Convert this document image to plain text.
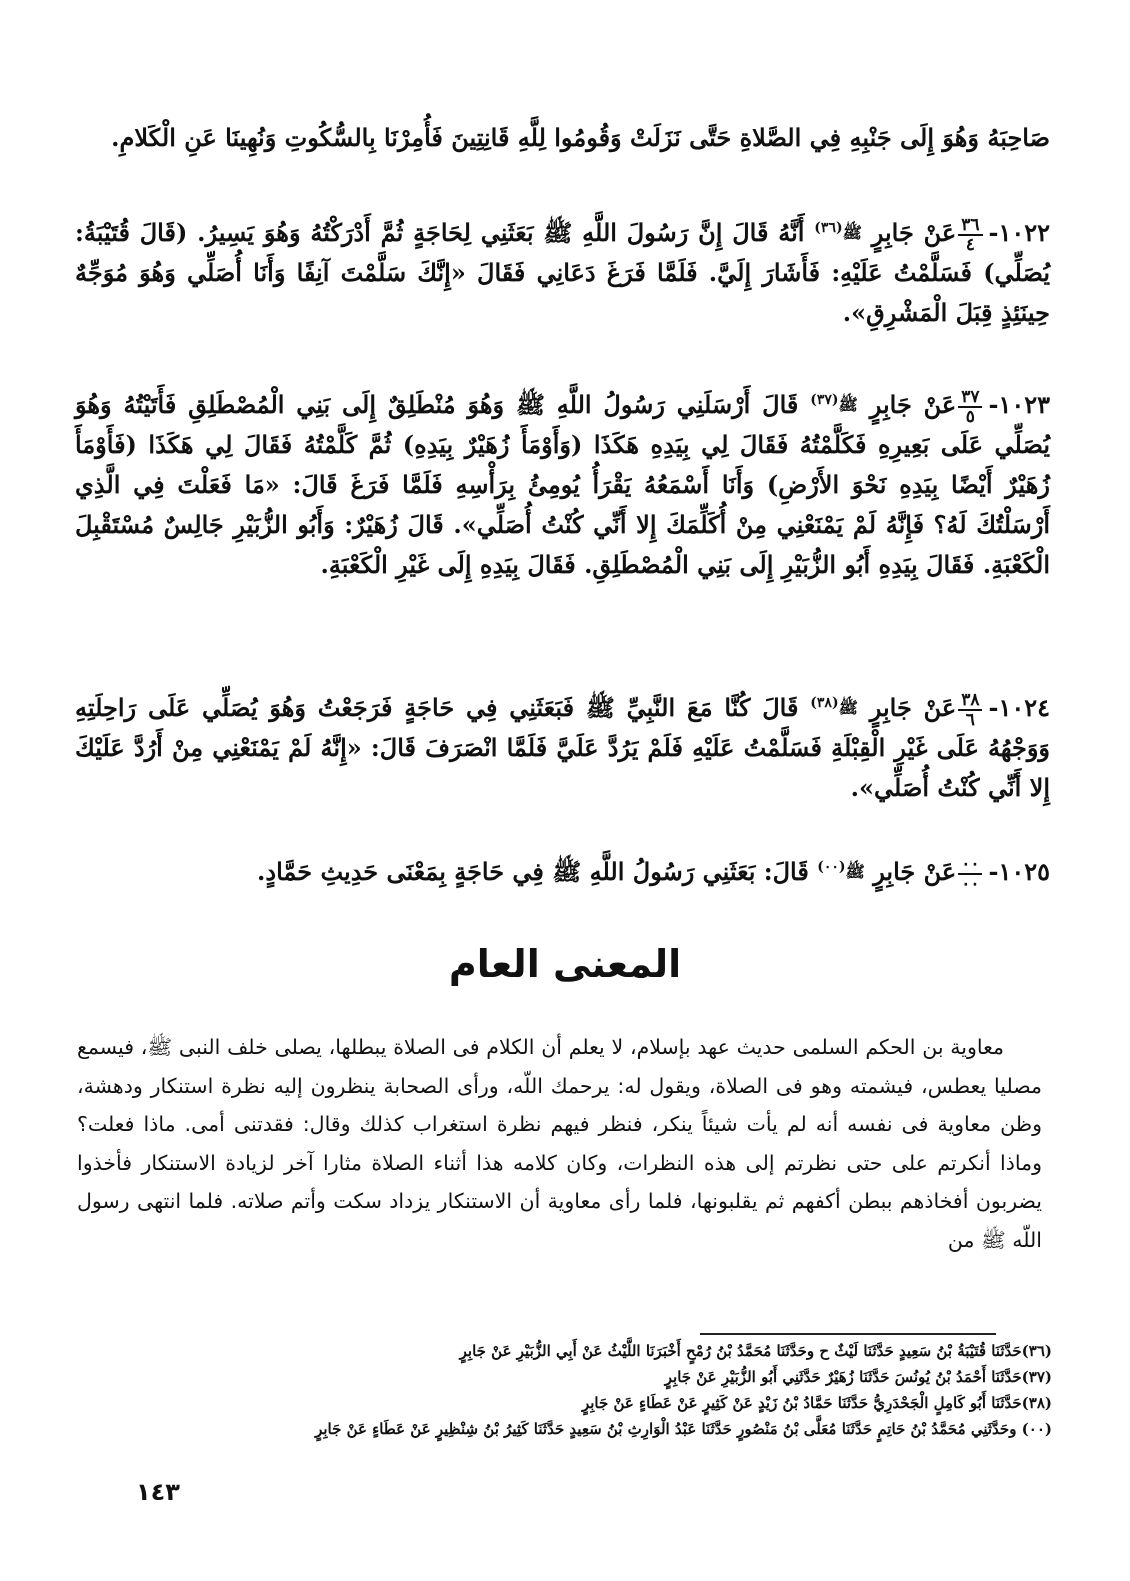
صَاحِبَهُ وَهُوَ إِلَى جَنْبِهِ فِي الصَّلاةِ حَتَّى نَزَلَتْ وَقُومُوا لِلَّهِ قَانِتِينَ فَأُمِرْنَا بِالسُّكُوتِ وَنُهِينَا عَنِ الْكَلامِ.
١٠٢٢-
$\frac{٣٦}{٤}$
عَنْ جَابِرٍ $^{ﷺ(٣٦)}$ أَنَّهُ قَالَ إِنَّ رَسُولَ اللَّهِ ﷺ بَعَثَنِي لِحَاجَةٍ ثُمَّ أَدْرَكْتُهُ وَهُوَ يَسِيرُ. (قَالَ قُتَيْبَةُ: يُصَلِّي) فَسَلَّمْتُ عَلَيْهِ: فَأَشَارَ إِلَيَّ. فَلَمَّا فَرَغَ دَعَانِي فَقَالَ «إِنَّكَ سَلَّمْتَ آنِفًا وَأَنَا أُصَلِّي وَهُوَ مُوَجِّهٌ حِينَئِذٍ قِبَلَ الْمَشْرِقِ».
١٠٢٣-
$\frac{٣٧}{٥}$
عَنْ جَابِرٍ $^{ﷺ(٣٧)}$ قَالَ أَرْسَلَنِي رَسُولُ اللَّهِ ﷺ وَهُوَ مُنْطَلِقٌ إِلَى بَنِي الْمُصْطَلِقِ فَأَتَيْتُهُ وَهُوَ يُصَلِّي عَلَى بَعِيرِهِ فَكَلَّمْتُهُ فَقَالَ لِي بِيَدِهِ هَكَذَا (وَأَوْمَأَ زُهَيْرٌ بِيَدِهِ) ثُمَّ كَلَّمْتُهُ فَقَالَ لِي هَكَذَا (فَأَوْمَأَ زُهَيْرٌ أَيْضًا بِيَدِهِ نَحْوَ الأَرْضِ) وَأَنَا أَسْمَعُهُ يَقْرَأُ يُومِئُ بِرَأْسِهِ فَلَمَّا فَرَغَ قَالَ: «مَا فَعَلْتَ فِي الَّذِي أَرْسَلْتُكَ لَهُ؟ فَإِنَّهُ لَمْ يَمْنَعْنِي مِنْ أُكَلِّمَكَ إِلا أَنِّي كُنْتُ أُصَلِّي». قَالَ زُهَيْرٌ: وَأَبُو الزُّبَيْرِ جَالِسٌ مُسْتَقْبِلَ الْكَعْبَةِ. فَقَالَ بِيَدِهِ أَبُو الزُّبَيْرِ إِلَى بَنِي الْمُصْطَلِقِ. فَقَالَ بِيَدِهِ إِلَى غَيْرِ الْكَعْبَةِ.
١٠٢٤-
$\frac{٣٨}{٦}$
عَنْ جَابِرٍ $^{ﷺ(٣٨)}$ قَالَ كُنَّا مَعَ النَّبِيِّ ﷺ فَبَعَثَنِي فِي حَاجَةٍ فَرَجَعْتُ وَهُوَ يُصَلِّي عَلَى رَاحِلَتِهِ وَوَجْهُهُ عَلَى غَيْرِ الْقِبْلَةِ فَسَلَّمْتُ عَلَيْهِ فَلَمْ يَرُدَّ عَلَيَّ فَلَمَّا انْصَرَفَ قَالَ: «إِنَّهُ لَمْ يَمْنَعْنِي مِنْ أَرُدَّ عَلَيْكَ إِلا أَنِّي كُنْتُ أُصَلِّي».
١٠٢٥-
$\frac{٠٠}{٠٠}$
عَنْ جَابِرٍ $^{ﷺ(٠٠)}$ قَالَ: بَعَثَنِي رَسُولُ اللَّهِ ﷺ فِي حَاجَةٍ بِمَعْنَى حَدِيثِ حَمَّادٍ.
المعنى العام

معاوية بن الحكم السلمى حديث عهد بإسلام، لا يعلم أن الكلام فى الصلاة يبطلها، يصلى خلف النبى ﷺ، فيسمع مصليا يعطس، فيشمته وهو فى الصلاة، ويقول له: يرحمك اللّه، ورأى الصحابة ينظرون إليه نظرة استنكار ودهشة، وظن معاوية فى نفسه أنه لم يأت شيئاً ينكر، فنظر فيهم نظرة استغراب كذلك وقال: فقدتنى أمى. ماذا فعلت؟ وماذا أنكرتم على حتى نظرتم إلى هذه النظرات، وكان كلامه هذا أثناء الصلاة مثارا آخر لزيادة الاستنكار فأخذوا يضربون أفخاذهم ببطن أكفهم ثم يقلبونها، فلما رأى معاوية أن الاستنكار يزداد سكت وأتم صلاته. فلما انتهى رسول اللّه ﷺ من

(٣٦)حَدَّثَنَا قُتَيْبَةُ بْنُ سَعِيدٍ حَدَّثَنَا لَيْثٌ ح وحَدَّثَنَا مُحَمَّدُ بْنُ رُمْحٍ أَخْبَرَنَا اللَّيْثُ عَنْ أَبِي الزُّبَيْرِ عَنْ جَابِرٍ
(٣٧)حَدَّثَنَا أَحْمَدُ بْنُ يُونُسَ حَدَّثَنَا زُهَيْرٌ حَدَّثَنِي أَبُو الزُّبَيْرِ عَنْ جَابِرٍ
(٣٨)حَدَّثَنَا أَبُو كَامِلٍ الْجَحْدَرِيُّ حَدَّثَنَا حَمَّادُ بْنُ زَيْدٍ عَنْ كَثِيرٍ عَنْ عَطَاءٍ عَنْ جَابِرٍ
(٠٠) وحَدَّثَنِي مُحَمَّدُ بْنُ حَاتِمٍ حَدَّثَنَا مُعَلَّى بْنُ مَنْصُورٍ حَدَّثَنَا عَبْدُ الْوَارِثِ بْنُ سَعِيدٍ حَدَّثَنَا كَثِيرُ بْنُ شِنْظِيرٍ عَنْ عَطَاءٍ عَنْ جَابِرٍ
١٤٣
